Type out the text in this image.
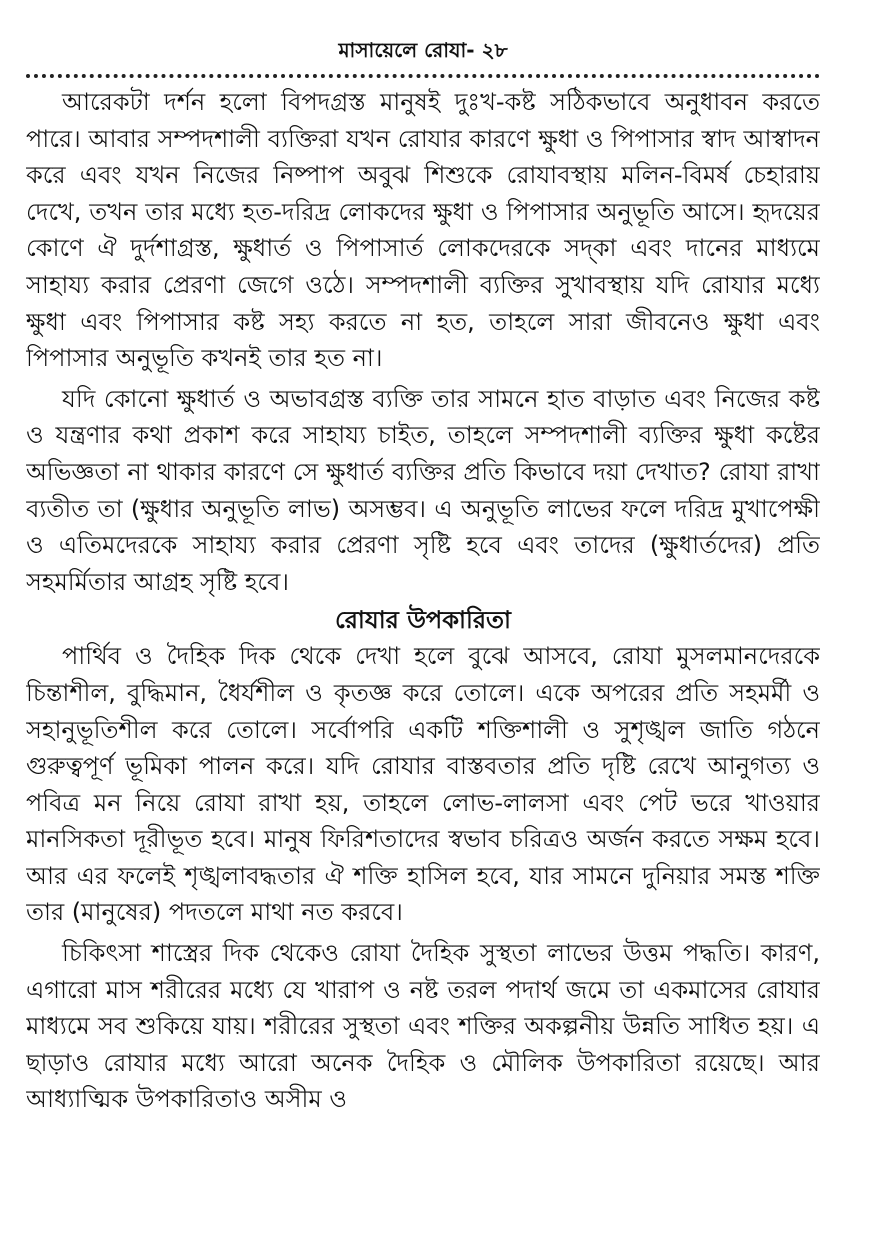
মাসায়েলে রোযা- ২৮

আরেকটা দর্শন হলো বিপদগ্রস্ত মানুষই দুঃখ-কষ্ট সঠিকভাবে অনুধাবন করতে পারে। আবার সম্পদশালী ব্যক্তিরা যখন রোযার কারণে ক্ষুধা ও পিপাসার স্বাদ আস্বাদন করে এবং যখন নিজের নিষ্পাপ অবুঝ শিশুকে রোযাবস্থায় মলিন-বিমর্ষ চেহারায় দেখে, তখন তার মধ্যে হত-দরিদ্র লোকদের ক্ষুধা ও পিপাসার অনুভূতি আসে। হৃদয়ের কোণে ঐ দুর্দশাগ্রস্ত, ক্ষুধার্ত ও পিপাসার্ত লোকদেরকে সদ্‌কা এবং দানের মাধ্যমে সাহায্য করার প্রেরণা জেগে ওঠে। সম্পদশালী ব্যক্তির সুখাবস্থায় যদি রোযার মধ্যে ক্ষুধা এবং পিপাসার কষ্ট সহ্য করতে না হত, তাহলে সারা জীবনেও ক্ষুধা এবং পিপাসার অনুভূতি কখনই তার হত না।

যদি কোনো ক্ষুধার্ত ও অভাবগ্রস্ত ব্যক্তি তার সামনে হাত বাড়াত এবং নিজের কষ্ট ও যন্ত্রণার কথা প্রকাশ করে সাহায্য চাইত, তাহলে সম্পদশালী ব্যক্তির ক্ষুধা কষ্টের অভিজ্ঞতা না থাকার কারণে সে ক্ষুধার্ত ব্যক্তির প্রতি কিভাবে দয়া দেখাত? রোযা রাখা ব্যতীত তা (ক্ষুধার অনুভূতি লাভ) অসম্ভব। এ অনুভূতি লাভের ফলে দরিদ্র মুখাপেক্ষী ও এতিমদেরকে সাহায্য করার প্রেরণা সৃষ্টি হবে এবং তাদের (ক্ষুধার্তদের) প্রতি সহমর্মিতার আগ্রহ সৃষ্টি হবে।

রোযার উপকারিতা

পার্থিব ও দৈহিক দিক থেকে দেখা হলে বুঝে আসবে, রোযা মুসলমানদেরকে চিন্তাশীল, বুদ্ধিমান, ধৈর্যশীল ও কৃতজ্ঞ করে তোলে। একে অপরের প্রতি সহমর্মী ও সহানুভূতিশীল করে তোলে। সর্বোপরি একটি শক্তিশালী ও সুশৃঙ্খল জাতি গঠনে গুরুত্বপূর্ণ ভূমিকা পালন করে। যদি রোযার বাস্তবতার প্রতি দৃষ্টি রেখে আনুগত্য ও পবিত্র মন নিয়ে রোযা রাখা হয়, তাহলে লোভ-লালসা এবং পেট ভরে খাওয়ার মানসিকতা দূরীভূত হবে। মানুষ ফিরিশতাদের স্বভাব চরিত্রও অর্জন করতে সক্ষম হবে। আর এর ফলেই শৃঙ্খলাবদ্ধতার ঐ শক্তি হাসিল হবে, যার সামনে দুনিয়ার সমস্ত শক্তি তার (মানুষের) পদতলে মাথা নত করবে।

চিকিৎসা শাস্ত্রের দিক থেকেও রোযা দৈহিক সুস্থতা লাভের উত্তম পদ্ধতি। কারণ, এগারো মাস শরীরের মধ্যে যে খারাপ ও নষ্ট তরল পদার্থ জমে তা একমাসের রোযার মাধ্যমে সব শুকিয়ে যায়। শরীরের সুস্থতা এবং শক্তির অকল্পনীয় উন্নতি সাধিত হয়। এ ছাড়াও রোযার মধ্যে আরো অনেক দৈহিক ও মৌলিক উপকারিতা রয়েছে। আর আধ্যাত্মিক উপকারিতাও অসীম ও
